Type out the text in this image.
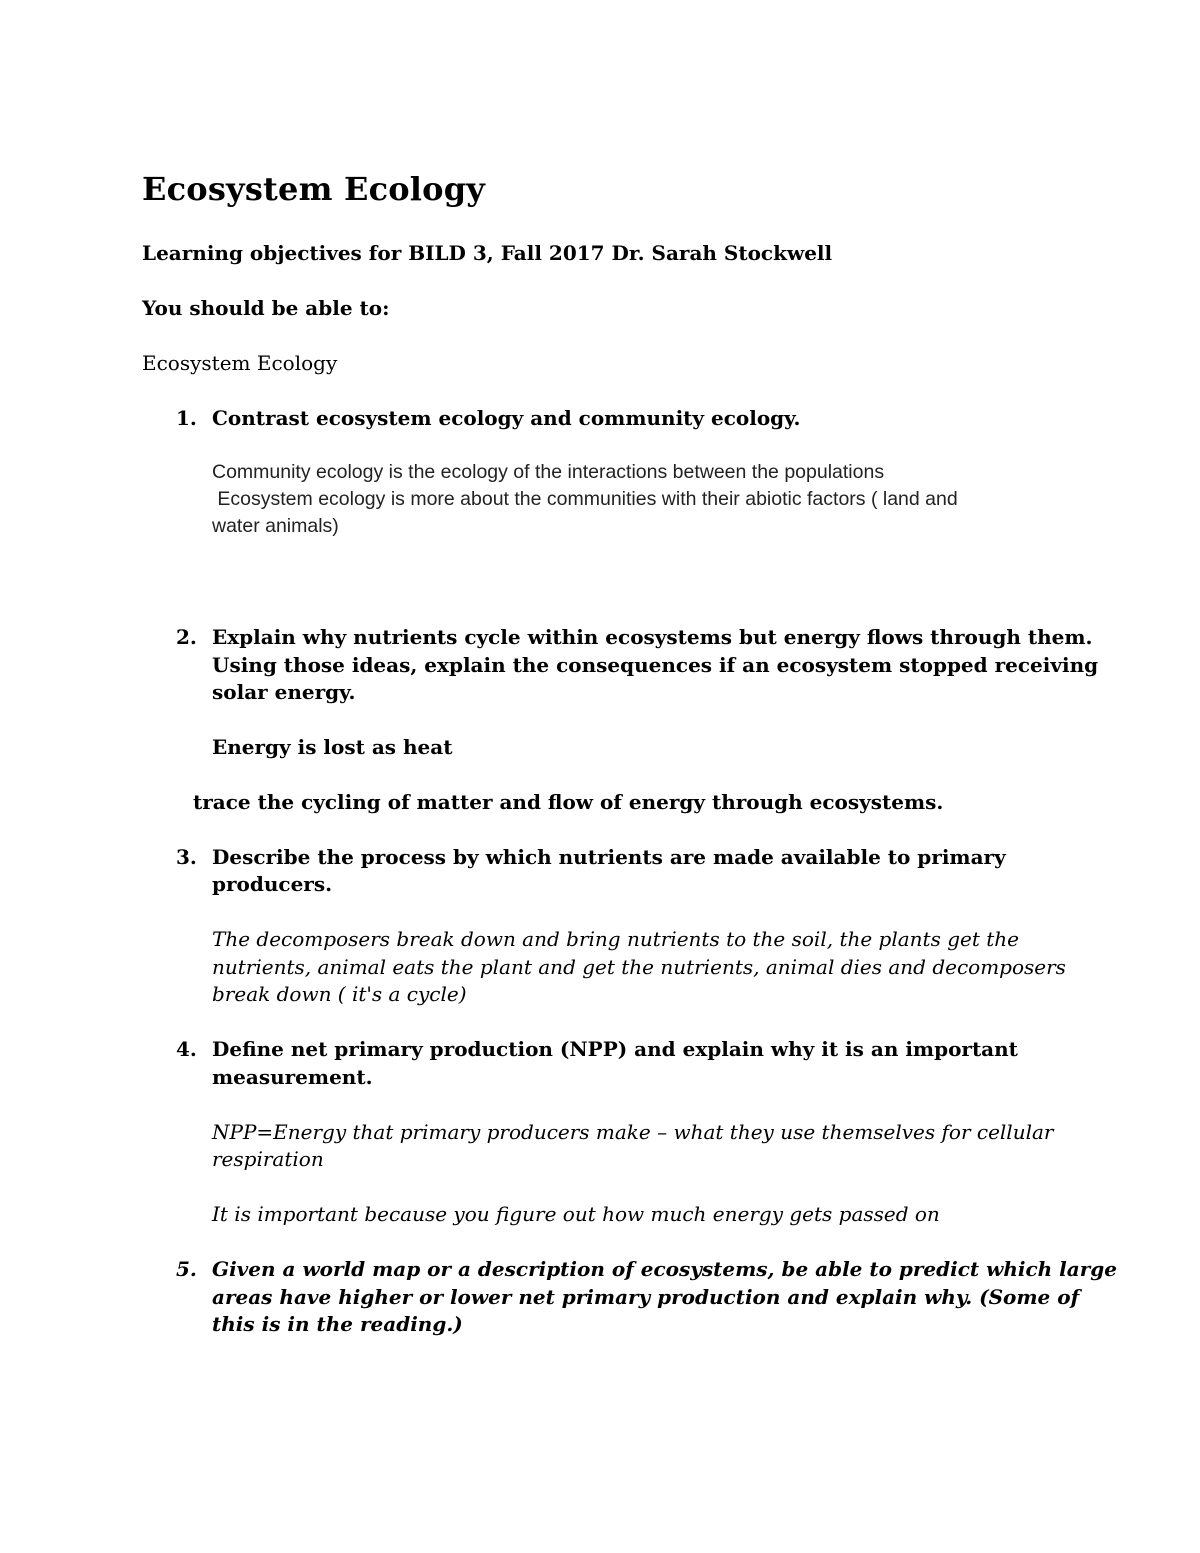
Ecosystem Ecology
Learning objectives for BILD 3, Fall 2017 Dr. Sarah Stockwell
You should be able to:
Ecosystem Ecology
1. Contrast ecosystem ecology and community ecology.
Community ecology is the ecology of the interactions between the populations
Ecosystem ecology is more about the communities with their abiotic factors ( land and
water animals)
2. Explain why nutrients cycle within ecosystems but energy flows through them.
Using those ideas, explain the consequences if an ecosystem stopped receiving
solar energy.
Energy is lost as heat
trace the cycling of matter and flow of energy through ecosystems.
3. Describe the process by which nutrients are made available to primary
producers.
The decomposers break down and bring nutrients to the soil, the plants get the
nutrients, animal eats the plant and get the nutrients, animal dies and decomposers
break down ( it's a cycle)
4. Define net primary production (NPP) and explain why it is an important
measurement.
NPP=Energy that primary producers make – what they use themselves for cellular
respiration
It is important because you figure out how much energy gets passed on
5. Given a world map or a description of ecosystems, be able to predict which large
areas have higher or lower net primary production and explain why. (Some of
this is in the reading.)
